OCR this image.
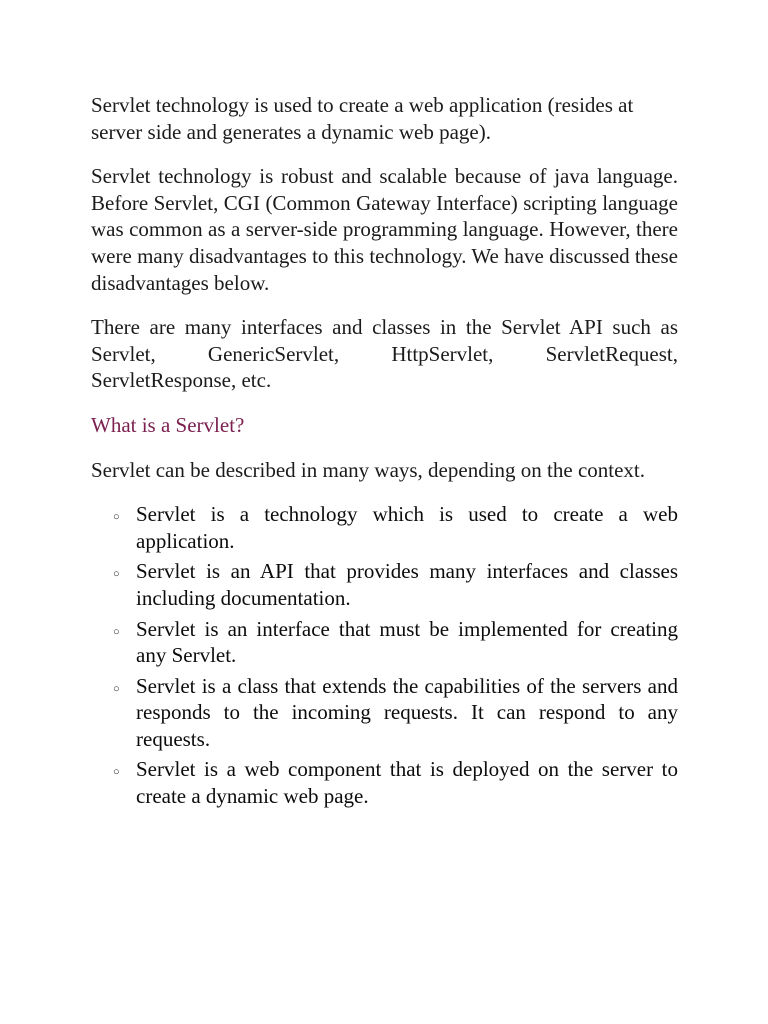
Servlet technology is used to create a web application (resides at server side and generates a dynamic web page).

Servlet technology is robust and scalable because of java language. Before Servlet, CGI (Common Gateway Interface) scripting language was common as a server-side programming language. However, there were many disadvantages to this technology. We have discussed these disadvantages below.

There are many interfaces and classes in the Servlet API such as Servlet, GenericServlet, HttpServlet, ServletRequest, ServletResponse, etc.

What is a Servlet?

Servlet can be described in many ways, depending on the context.

○ Servlet is a technology which is used to create a web application.
○ Servlet is an API that provides many interfaces and classes including documentation.
○ Servlet is an interface that must be implemented for creating any Servlet.
○ Servlet is a class that extends the capabilities of the servers and responds to the incoming requests. It can respond to any requests.
○ Servlet is a web component that is deployed on the server to create a dynamic web page.
